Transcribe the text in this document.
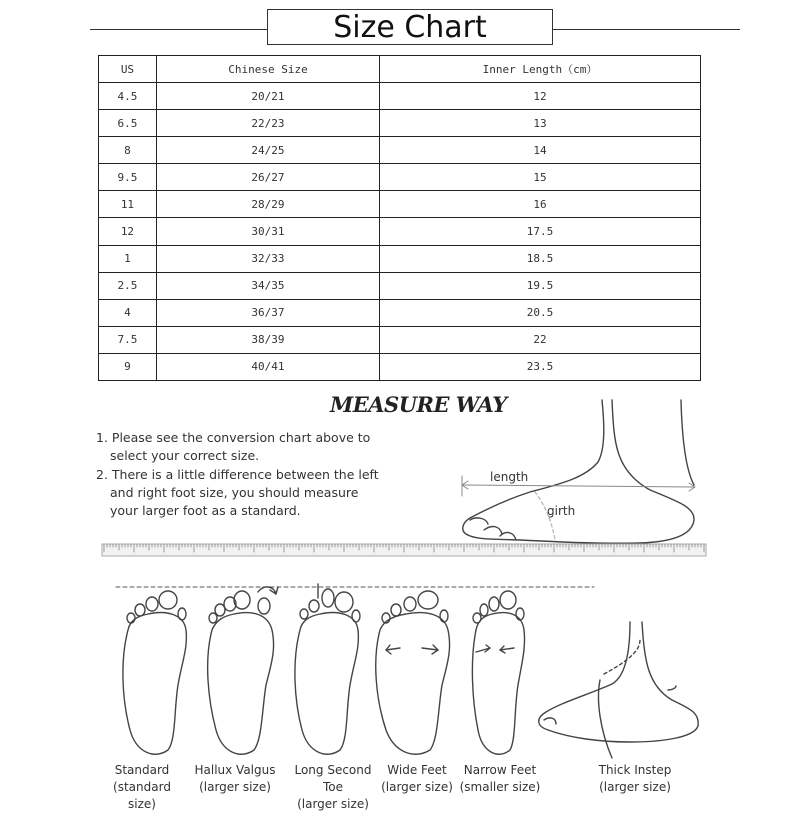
Size Chart
US	Chinese Size	Inner Length（cm）
4.5	20/21	12
6.5	22/23	13
8	24/25	14
9.5	26/27	15
11	28/29	16
12	30/31	17.5
1	32/33	18.5
2.5	34/35	19.5
4	36/37	20.5
7.5	38/39	22
9	40/41	23.5
MEASURE WAY
1. Please see the conversion chart above to
select your correct size.
2. There is a little difference between the left
and right foot size, you should measure
your larger foot as a standard.
length
girth
Standard
(standard size)
Hallux Valgus
(larger size)
Long Second Toe
(larger size)
Wide Feet
(larger size)
Narrow Feet
(smaller size)
Thick Instep
(larger size)
